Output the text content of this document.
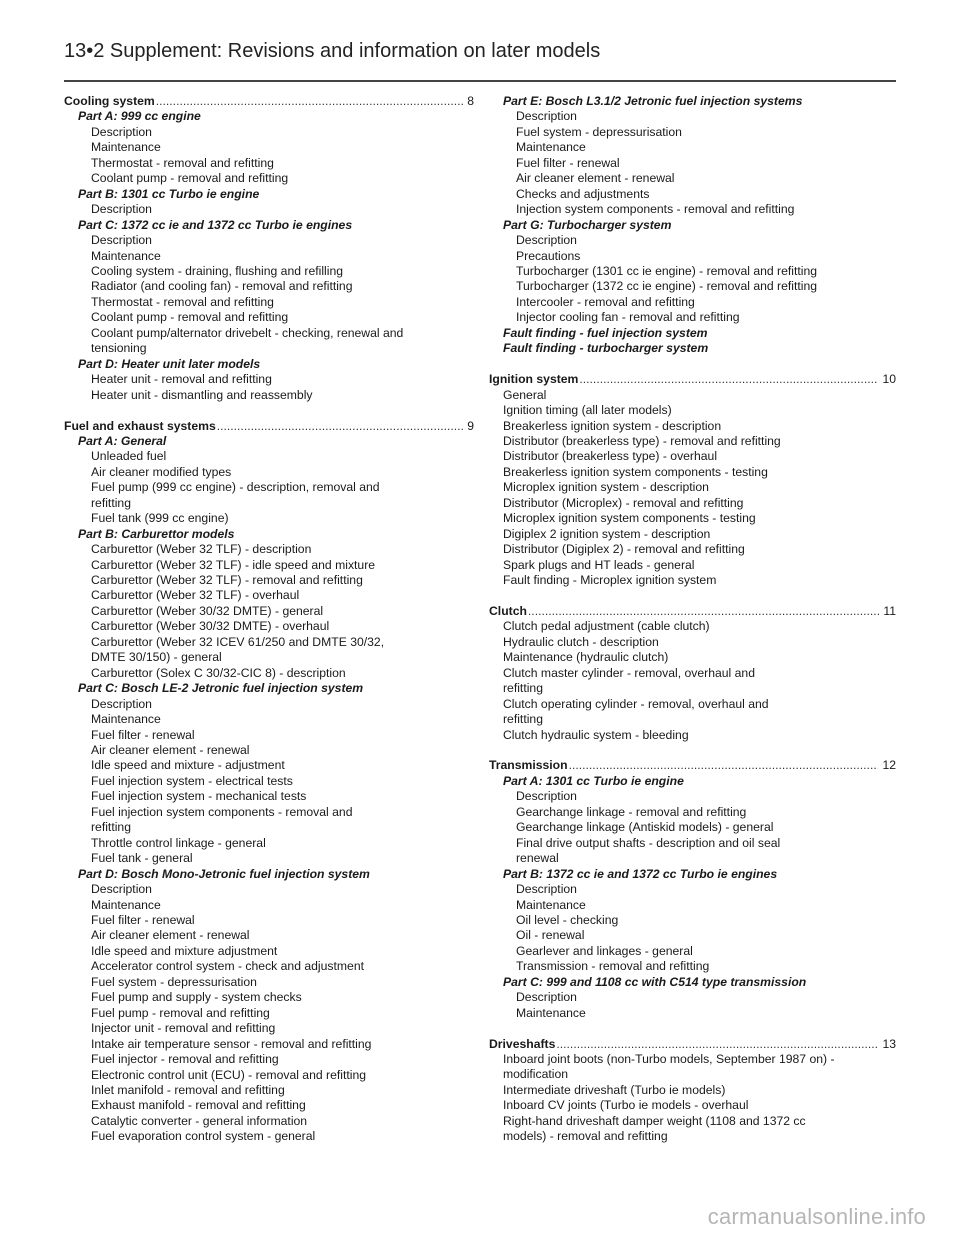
13•2 Supplement: Revisions and information on later models
Cooling system .....	8
Part A: 999 cc engine
Description
Maintenance
Thermostat - removal and refitting
Coolant pump - removal and refitting
Part B: 1301 cc Turbo ie engine
Description
Part C: 1372 cc ie and 1372 cc Turbo ie engines
Description
Maintenance
Cooling system - draining, flushing and refilling
Radiator (and cooling fan) - removal and refitting
Thermostat - removal and refitting
Coolant pump - removal and refitting
Coolant pump/alternator drivebelt - checking, renewal and
tensioning
Part D: Heater unit later models
Heater unit - removal and refitting
Heater unit - dismantling and reassembly
Fuel and exhaust systems .....	9
Part A: General
Unleaded fuel
Air cleaner modified types
Fuel pump (999 cc engine) - description, removal and
refitting
Fuel tank (999 cc engine)
Part B: Carburettor models
Carburettor (Weber 32 TLF) - description
Carburettor (Weber 32 TLF) - idle speed and mixture
Carburettor (Weber 32 TLF) - removal and refitting
Carburettor (Weber 32 TLF) - overhaul
Carburettor (Weber 30/32 DMTE) - general
Carburettor (Weber 30/32 DMTE) - overhaul
Carburettor (Weber 32 ICEV 61/250 and DMTE 30/32,
DMTE 30/150) - general
Carburettor (Solex C 30/32-CIC 8) - description
Part C: Bosch LE-2 Jetronic fuel injection system
Description
Maintenance
Fuel filter - renewal
Air cleaner element - renewal
Idle speed and mixture - adjustment
Fuel injection system - electrical tests
Fuel injection system - mechanical tests
Fuel injection system components - removal and
refitting
Throttle control linkage - general
Fuel tank - general
Part D: Bosch Mono-Jetronic fuel injection system
Description
Maintenance
Fuel filter - renewal
Air cleaner element - renewal
Idle speed and mixture adjustment
Accelerator control system - check and adjustment
Fuel system - depressurisation
Fuel pump and supply - system checks
Fuel pump - removal and refitting
Injector unit - removal and refitting
Intake air temperature sensor - removal and refitting
Fuel injector - removal and refitting
Electronic control unit (ECU) - removal and refitting
Inlet manifold - removal and refitting
Exhaust manifold - removal and refitting
Catalytic converter - general information
Fuel evaporation control system - general
Part E: Bosch L3.1/2 Jetronic fuel injection systems
Description
Fuel system - depressurisation
Maintenance
Fuel filter - renewal
Air cleaner element - renewal
Checks and adjustments
Injection system components - removal and refitting
Part G: Turbocharger system
Description
Precautions
Turbocharger (1301 cc ie engine) - removal and refitting
Turbocharger (1372 cc ie engine) - removal and refitting
Intercooler - removal and refitting
Injector cooling fan - removal and refitting
Fault finding - fuel injection system
Fault finding - turbocharger system
Ignition system .....	10
General
Ignition timing (all later models)
Breakerless ignition system - description
Distributor (breakerless type) - removal and refitting
Distributor (breakerless type) - overhaul
Breakerless ignition system components - testing
Microplex ignition system - description
Distributor (Microplex) - removal and refitting
Microplex ignition system components - testing
Digiplex 2 ignition system - description
Distributor (Digiplex 2) - removal and refitting
Spark plugs and HT leads - general
Fault finding - Microplex ignition system
Clutch .....	11
Clutch pedal adjustment (cable clutch)
Hydraulic clutch - description
Maintenance (hydraulic clutch)
Clutch master cylinder - removal, overhaul and
refitting
Clutch operating cylinder - removal, overhaul and
refitting
Clutch hydraulic system - bleeding
Transmission .....	12
Part A: 1301 cc Turbo ie engine
Description
Gearchange linkage - removal and refitting
Gearchange linkage (Antiskid models) - general
Final drive output shafts - description and oil seal
renewal
Part B: 1372 cc ie and 1372 cc Turbo ie engines
Description
Maintenance
Oil level - checking
Oil - renewal
Gearlever and linkages - general
Transmission - removal and refitting
Part C: 999 and 1108 cc with C514 type transmission
Description
Maintenance
Driveshafts .....	13
Inboard joint boots (non-Turbo models, September 1987 on) -
modification
Intermediate driveshaft (Turbo ie models)
Inboard CV joints (Turbo ie models - overhaul
Right-hand driveshaft damper weight (1108 and 1372 cc
models) - removal and refitting
carmanualsonline.info
